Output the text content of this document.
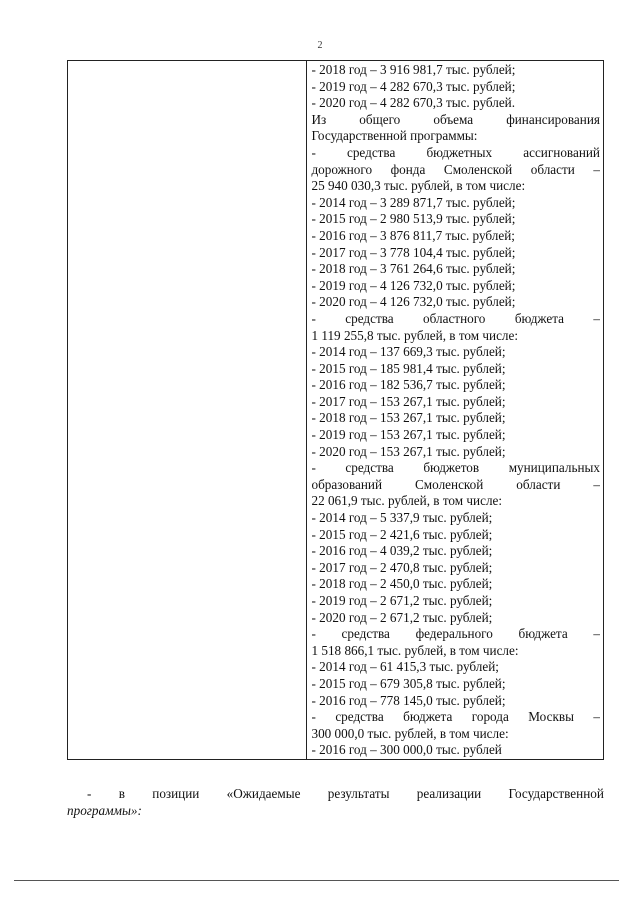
2

- 2018 год – 3 916 981,7 тыс. рублей;
- 2019 год – 4 282 670,3 тыс. рублей;
- 2020 год – 4 282 670,3 тыс. рублей.
Из	общего	объема	финансирования
Государственной программы:
- средства бюджетных ассигнований
дорожного фонда Смоленской области –
25 940 030,3 тыс. рублей, в том числе:
- 2014 год – 3 289 871,7 тыс. рублей;
- 2015 год – 2 980 513,9 тыс. рублей;
- 2016 год – 3 876 811,7 тыс. рублей;
- 2017 год – 3 778 104,4 тыс. рублей;
- 2018 год – 3 761 264,6 тыс. рублей;
- 2019 год – 4 126 732,0 тыс. рублей;
- 2020 год – 4 126 732,0 тыс. рублей;
- средства областного бюджета –
1 119 255,8 тыс. рублей, в том числе:
- 2014 год – 137 669,3 тыс. рублей;
- 2015 год – 185 981,4 тыс. рублей;
- 2016 год – 182 536,7 тыс. рублей;
- 2017 год – 153 267,1 тыс. рублей;
- 2018 год – 153 267,1 тыс. рублей;
- 2019 год – 153 267,1 тыс. рублей;
- 2020 год – 153 267,1 тыс. рублей;
- средства бюджетов муниципальных
образований Смоленской области –
22 061,9 тыс. рублей, в том числе:
- 2014 год – 5 337,9 тыс. рублей;
- 2015 год – 2 421,6 тыс. рублей;
- 2016 год – 4 039,2 тыс. рублей;
- 2017 год – 2 470,8 тыс. рублей;
- 2018 год – 2 450,0 тыс. рублей;
- 2019 год – 2 671,2 тыс. рублей;
- 2020 год – 2 671,2 тыс. рублей;
- средства федерального бюджета –
1 518 866,1 тыс. рублей, в том числе:
- 2014 год – 61 415,3 тыс. рублей;
- 2015 год – 679 305,8 тыс. рублей;
- 2016 год – 778 145,0 тыс. рублей;
- средства бюджета города Москвы –
300 000,0 тыс. рублей, в том числе:
- 2016 год – 300 000,0 тыс. рублей
- в позиции «Ожидаемые результаты реализации Государственной
программы»:
